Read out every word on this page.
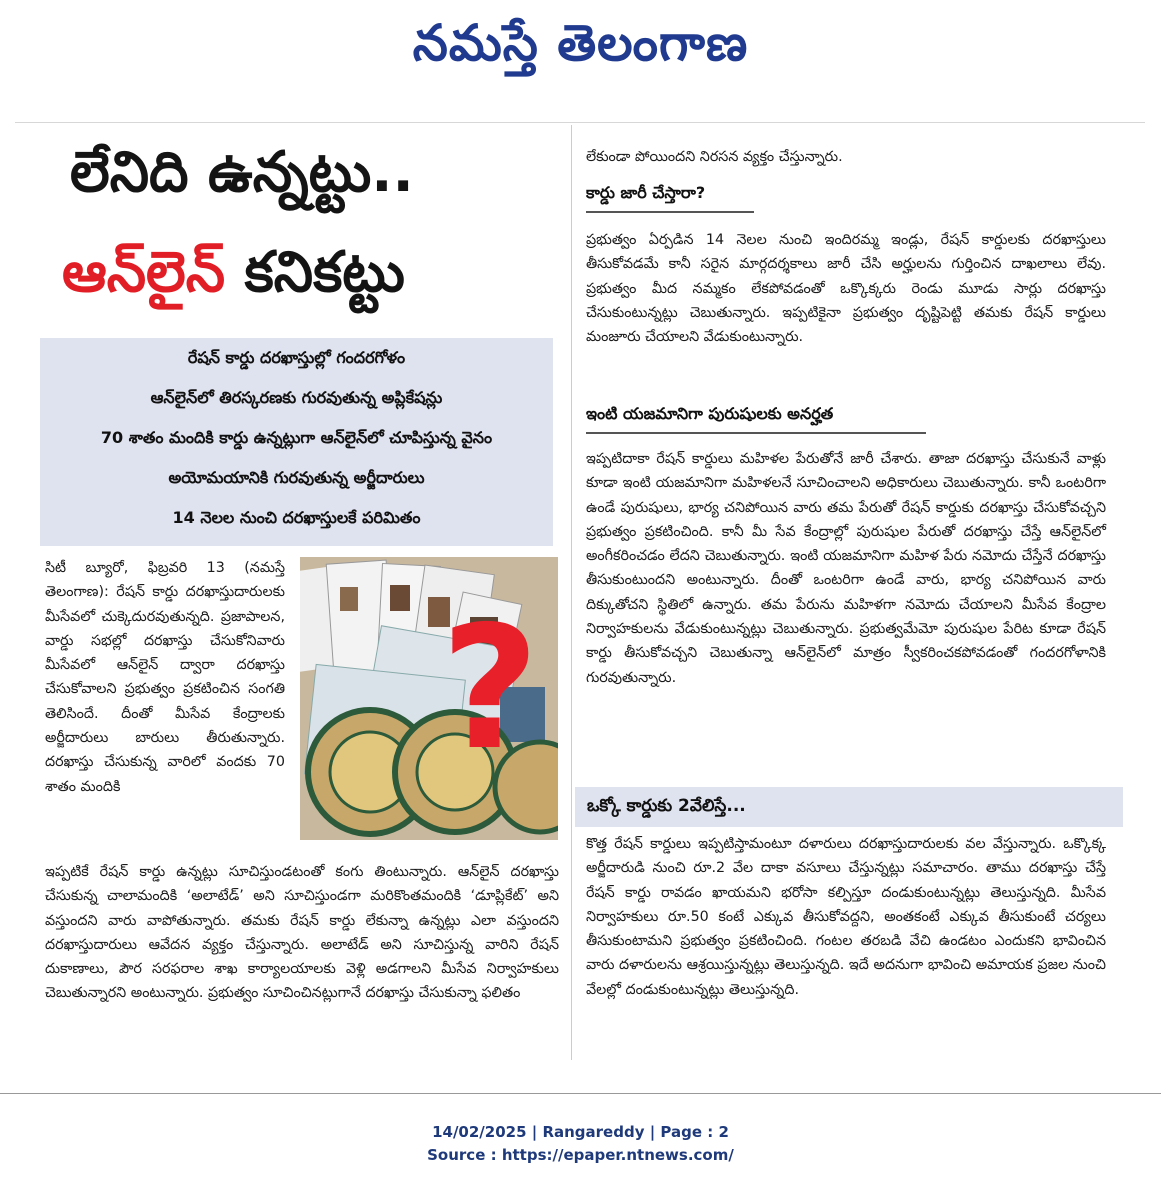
నమస్తే తెలంగాణ
లేనిది ఉన్నట్టు..
ఆన్‌లైన్ కనికట్టు
రేషన్‌ కార్డు దరఖాస్తుల్లో గందరగోళం
ఆన్‌లైన్‌లో తిరస్కరణకు గురవుతున్న అప్లికేషన్లు
70 శాతం మందికి కార్డు ఉన్నట్లుగా ఆన్‌లైన్‌లో చూపిస్తున్న వైనం
అయోమయానికి గురవుతున్న అర్జీదారులు
14 నెలల నుంచి దరఖాస్తులకే పరిమితం
సిటీ బ్యూరో, ఫిబ్రవరి 13 (నమస్తే తెలంగాణ): రేషన్‌ కార్డు దరఖాస్తుదారులకు మీసేవలో చుక్కెదురవుతున్నది. ప్రజాపాలన, వార్డు సభల్లో దరఖాస్తు చేసుకోనివారు మీసేవలో ఆన్‌లైన్‌ ద్వారా దరఖాస్తు చేసుకోవాలని ప్రభుత్వం ప్రకటించిన సంగతి తెలిసిందే. దీంతో మీసేవ కేంద్రాలకు అర్జీదారులు బారులు తీరుతున్నారు. దరఖాస్తు చేసుకున్న వారిలో వందకు 70 శాతం మందికి	?
ఇప్పటికే రేషన్‌ కార్డు ఉన్నట్లు సూచిస్తుండటంతో కంగు తింటున్నారు. ఆన్‌లైన్‌ దరఖాస్తు చేసుకున్న చాలామందికి ‘అలాటేడ్‌’ అని సూచిస్తుండగా మరికొంతమందికి ‘డూప్లికేట్‌’ అని వస్తుందని వారు వాపోతున్నారు. తమకు రేషన్‌ కార్డు లేకున్నా ఉన్నట్లు ఎలా వస్తుందని దరఖాస్తుదారులు ఆవేదన వ్యక్తం చేస్తున్నారు. అలాటేడ్‌ అని సూచిస్తున్న వారిని రేషన్‌ దుకాణాలు, పౌర సరఫరాల శాఖ కార్యాలయాలకు వెళ్లి అడగాలని మీసేవ నిర్వాహకులు చెబుతున్నారని అంటున్నారు. ప్రభుత్వం సూచించినట్లుగానే దరఖాస్తు చేసుకున్నా ఫలితం
లేకుండా పోయిందని నిరసన వ్యక్తం చేస్తున్నారు.
కార్డు జారీ చేస్తారా?
ప్రభుత్వం ఏర్పడిన 14 నెలల నుంచి ఇందిరమ్మ ఇండ్లు, రేషన్‌ కార్డులకు దరఖాస్తులు తీసుకోవడమే కానీ సరైన మార్గదర్శకాలు జారీ చేసి అర్హులను గుర్తించిన దాఖలాలు లేవు. ప్రభుత్వం మీద నమ్మకం లేకపోవడంతో ఒక్కొక్కరు రెండు మూడు సార్లు దరఖాస్తు చేసుకుంటున్నట్లు చెబుతున్నారు. ఇప్పటికైనా ప్రభుత్వం దృష్టిపెట్టి తమకు రేషన్‌ కార్డులు మంజూరు చేయాలని వేడుకుంటున్నారు.
ఇంటి యజమానిగా పురుషులకు అనర్హత
ఇప్పటిదాకా రేషన్‌ కార్డులు మహిళల పేరుతోనే జారీ చేశారు. తాజా దరఖాస్తు చేసుకునే వాళ్లు కూడా ఇంటి యజమానిగా మహిళలనే సూచించాలని అధికారులు చెబుతున్నారు. కానీ ఒంటరిగా ఉండే పురుషులు, భార్య చనిపోయిన వారు తమ పేరుతో రేషన్‌ కార్డుకు దరఖాస్తు చేసుకోవచ్చని ప్రభుత్వం ప్రకటించింది. కానీ మీ సేవ కేంద్రాల్లో పురుషుల పేరుతో దరఖాస్తు చేస్తే ఆన్‌లైన్‌లో అంగీకరించడం లేదని చెబుతున్నారు. ఇంటి యజమానిగా మహిళ పేరు నమోదు చేస్తేనే దరఖాస్తు తీసుకుంటుందని అంటున్నారు. దీంతో ఒంటరిగా ఉండే వారు, భార్య చనిపోయిన వారు దిక్కుతోచని స్థితిలో ఉన్నారు. తమ పేరును మహిళగా నమోదు చేయాలని మీసేవ కేంద్రాల నిర్వాహకులను వేడుకుంటున్నట్లు చెబుతున్నారు. ప్రభుత్వమేమో పురుషుల పేరిట కూడా రేషన్‌ కార్డు తీసుకోవచ్చని చెబుతున్నా ఆన్‌లైన్‌లో మాత్రం స్వీకరించకపోవడంతో గందరగోళానికి గురవుతున్నారు.
ఒక్కో కార్డుకు 2వేలిస్తే...
కొత్త రేషన్‌ కార్డులు ఇప్పటిస్తామంటూ దళారులు దరఖాస్తుదారులకు వల వేస్తున్నారు. ఒక్కొక్క అర్జీదారుడి నుంచి రూ.2 వేల దాకా వసూలు చేస్తున్నట్లు సమాచారం. తాము దరఖాస్తు చేస్తే రేషన్‌ కార్డు రావడం ఖాయమని భరోసా కల్పిస్తూ దండుకుంటున్నట్లు తెలుస్తున్నది. మీసేవ నిర్వాహకులు రూ.50 కంటే ఎక్కువ తీసుకోవద్దని, అంతకంటే ఎక్కువ తీసుకుంటే చర్యలు తీసుకుంటామని ప్రభుత్వం ప్రకటించింది. గంటల తరబడి వేచి ఉండటం ఎందుకని భావించిన వారు దళారులను ఆశ్రయిస్తున్నట్లు తెలుస్తున్నది. ఇదే అదనుగా భావించి అమాయక ప్రజల నుంచి వేలల్లో దండుకుంటున్నట్లు తెలుస్తున్నది.
14/02/2025 | Rangareddy | Page : 2
Source : https://epaper.ntnews.com/
